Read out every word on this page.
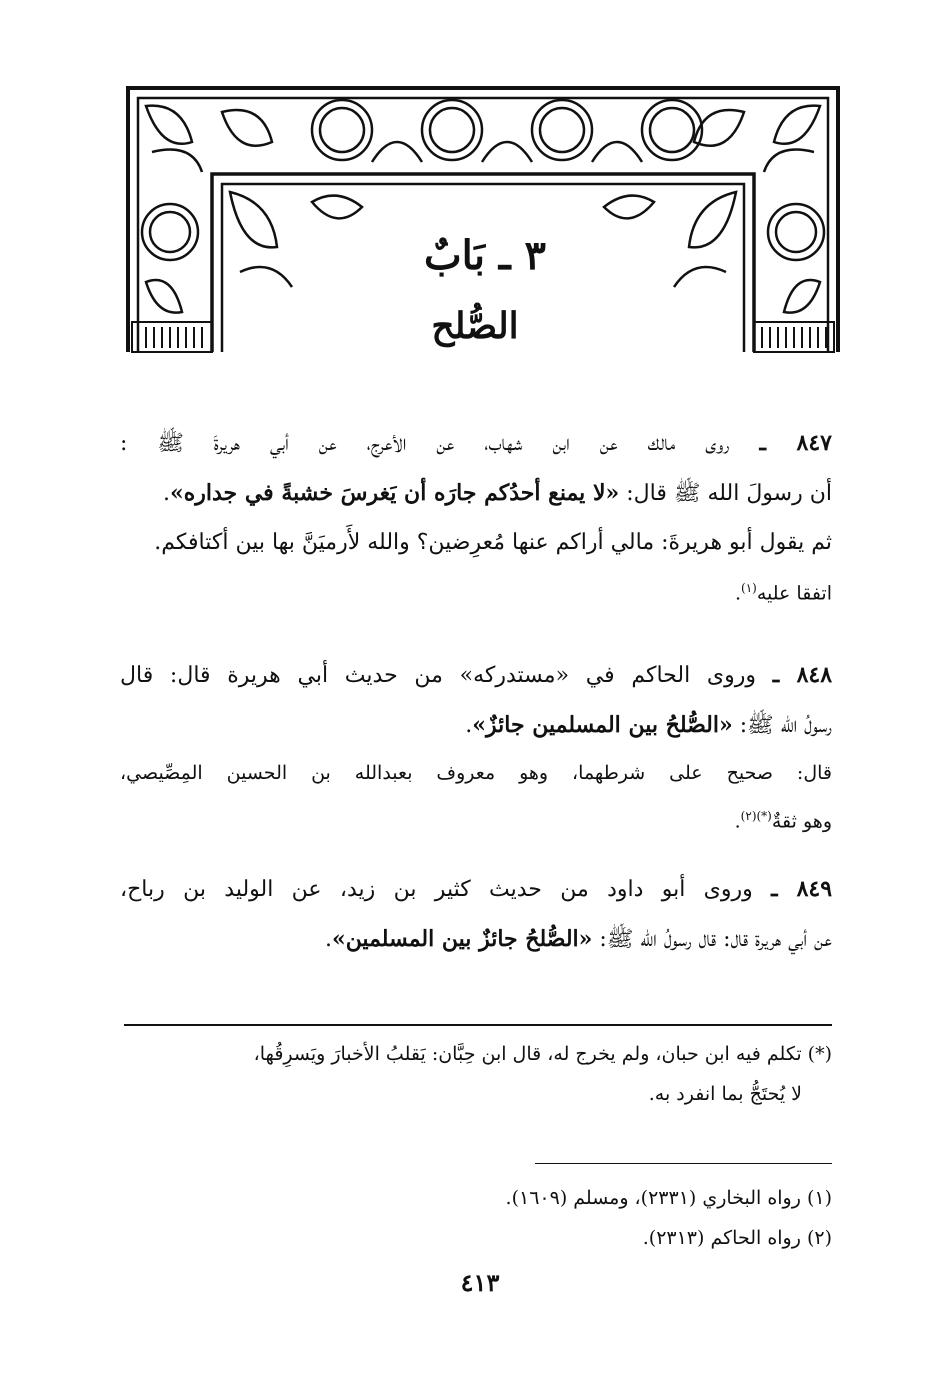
٣ ـ بَابٌ
الصُّلح
٨٤٧ ـ روى مالك عن ابن شهاب، عن الأعرج، عن أبي هريرةَ ﷺ :
أن رسولَ الله ﷺ قال: «لا يمنع أحدُكم جارَه أن يَغرسَ خشبةً في جداره».
ثم يقول أبو هريرةَ: مالي أراكم عنها مُعرِضين؟ والله لأَرميَنَّ بها بين أكتافكم.
اتفقا عليه$^{(١)}$.
٨٤٨ ـ وروى الحاكم في «مستدركه» من حديث أبي هريرة قال: قال
رسولُ الله ﷺ: «الصُّلحُ بين المسلمين جائزٌ».
قال: صحيح على شرطهما، وهو معروف بعبدالله بن الحسين المِصِّيصي،
وهو ثقةٌ$^{(*)(٢)}$.
٨٤٩ ـ وروى أبو داود من حديث كثير بن زيد، عن الوليد بن رباح،
عن أبي هريرة قال: قال رسولُ الله ﷺ: «الصُّلحُ جائزٌ بين المسلمين».
(*) تكلم فيه ابن حبان، ولم يخرج له، قال ابن حِبَّان: يَقلبُ الأخبارَ ويَسرِقُها،
لا يُحتَجُّ بما انفرد به.
(١) رواه البخاري (٢٣٣١)، ومسلم (١٦٠٩).
(٢) رواه الحاكم (٢٣١٣).
٤١٣
